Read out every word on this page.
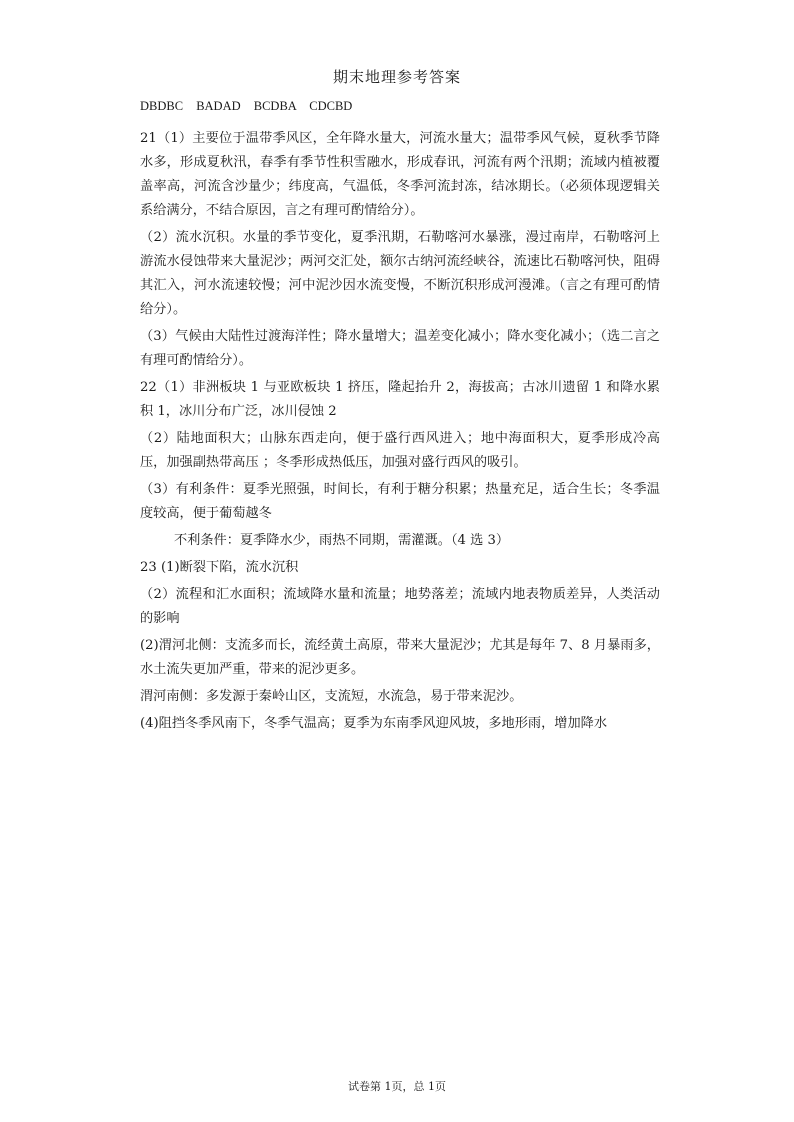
期末地理参考答案
DBDBC BADAD BCDBA CDCBD

21（1）主要位于温带季风区，全年降水量大，河流水量大；温带季风气候，夏秋季节降水多，形成夏秋汛，春季有季节性积雪融水，形成春讯，河流有两个汛期；流域内植被覆盖率高，河流含沙量少；纬度高，气温低，冬季河流封冻，结冰期长。（必须体现逻辑关系给满分，不结合原因，言之有理可酌情给分）。

（2）流水沉积。水量的季节变化，夏季汛期，石勒喀河水暴涨，漫过南岸，石勒喀河上游流水侵蚀带来大量泥沙；两河交汇处，额尔古纳河流经峡谷，流速比石勒喀河快，阻碍其汇入，河水流速较慢；河中泥沙因水流变慢，不断沉积形成河漫滩。（言之有理可酌情给分）。

（3）气候由大陆性过渡海洋性；降水量增大；温差变化减小；降水变化减小；（选二言之有理可酌情给分）。

22（1）非洲板块 1 与亚欧板块 1 挤压，隆起抬升 2，海拔高；古冰川遗留 1 和降水累积 1，冰川分布广泛，冰川侵蚀 2

（2）陆地面积大；山脉东西走向，便于盛行西风进入；地中海面积大，夏季形成冷高压，加强副热带高压 ；冬季形成热低压，加强对盛行西风的吸引。

（3）有利条件：夏季光照强，时间长，有利于糖分积累；热量充足，适合生长；冬季温度较高，便于葡萄越冬

不利条件：夏季降水少，雨热不同期，需灌溉。（4 选 3）

23 (1)断裂下陷，流水沉积

（2）流程和汇水面积；流域降水量和流量；地势落差；流域内地表物质差异，人类活动的影响

(2)渭河北侧：支流多而长，流经黄土高原，带来大量泥沙；尤其是每年 7、8 月暴雨多，水土流失更加严重，带来的泥沙更多。

渭河南侧：多发源于秦岭山区，支流短，水流急，易于带来泥沙。

(4)阻挡冬季风南下，冬季气温高；夏季为东南季风迎风坡，多地形雨，增加降水

试卷第 1页，总 1页
